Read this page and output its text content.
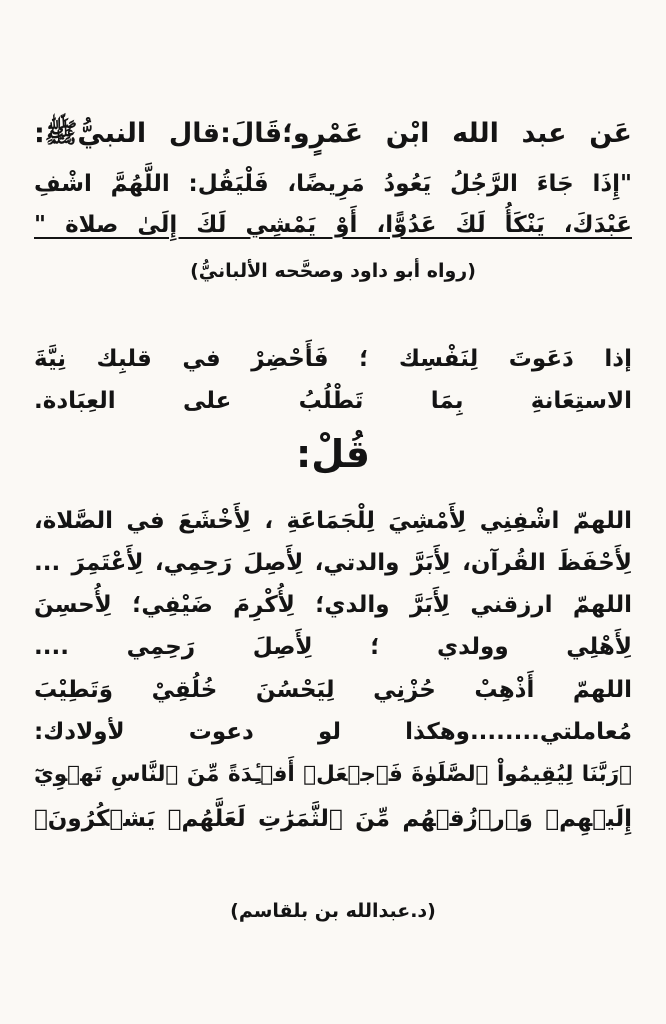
عَن عبد الله ابْن عَمْرٍو؛قَالَ:قال النبيُّﷺ:
"إِذَا جَاءَ الرَّجُلُ يَعُودُ مَرِيضًا، فَلْيَقُل: اللَّهُمَّ اشْفِ
عَبْدَكَ، يَنْكَأُ لَكَ عَدُوًّا، أَوْ يَمْشِي لَكَ إِلَىٰ صلاة "
(رواه أبو داود وصحَّحه الألبانيُّ)
إذا دَعَوتَ لِنَفْسِك ؛ فَأَحْضِرْ في قلبِك نِيَّةَ
الاستِعَانةِ بِمَا تَطْلُبُ على العِبَادة.
قُلْ:
اللهمّ اشْفِنِي لِأَمْشِيَ لِلْجَمَاعَةِ ، لِأَخْشَعَ في الصَّلاة،
لِأَحْفَظَ القُرآن، لِأَبَرَّ والدتي، لِأَصِلَ رَحِمِي، لِأَعْتَمِرَ ...
اللهمّ ارزقني لِأَبَرَّ والدي؛ لِأُكْرِمَ ضَيْفِي؛ لِأُحسِنَ
لِأَهْلِي وولدي ؛ لِأَصِلَ رَحِمِي ....
اللهمّ أَذْهِبْ حُزْنِي لِيَحْسُنَ خُلُقِيْ وَتَطِيْبَ
مُعاملتي........وهكذا لو دعوت لأولادك:
﴿رَبَّنَا لِيُقِيمُواْ ٱلصَّلَوٰةَ فَٱجۡعَلۡ أَفۡـِٔدَةً مِّنَ ٱلنَّاسِ تَهۡوِيٓ
إِلَيۡهِمۡ وَٱرۡزُقۡهُم مِّنَ ٱلثَّمَرَٰتِ لَعَلَّهُمۡ يَشۡكُرُونَ﴾
(د.عبدالله بن بلقاسم)
